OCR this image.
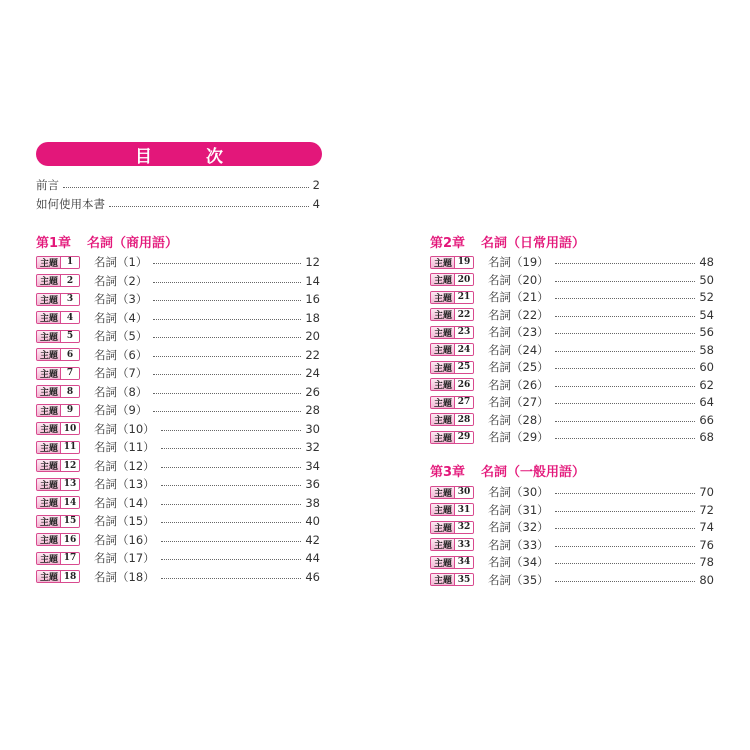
目 次
前言	2
如何使用本書	4
第1章 名詞（商用語）
主題 1	名詞（1）	12
主題 2	名詞（2）	14
主題 3	名詞（3）	16
主題 4	名詞（4）	18
主題 5	名詞（5）	20
主題 6	名詞（6）	22
主題 7	名詞（7）	24
主題 8	名詞（8）	26
主題 9	名詞（9）	28
主題 10 名詞（10）	30
主題 11 名詞（11）	32
主題 12 名詞（12）	34
主題 13 名詞（13）	36
主題 14 名詞（14）	38
主題 15 名詞（15）	40
主題 16 名詞（16）	42
主題 17 名詞（17）	44
主題 18 名詞（18）	46
第2章 名詞（日常用語）
主題 19 名詞（19）	48
主題 20 名詞（20）	50
主題 21 名詞（21）	52
主題 22 名詞（22）	54
主題 23 名詞（23）	56
主題 24 名詞（24）	58
主題 25 名詞（25）	60
主題 26 名詞（26）	62
主題 27 名詞（27）	64
主題 28 名詞（28）	66
主題 29 名詞（29）	68
第3章 名詞（一般用語）
主題 30 名詞（30）	70
主題 31 名詞（31）	72
主題 32 名詞（32）	74
主題 33 名詞（33）	76
主題 34 名詞（34）	78
主題 35 名詞（35）	80
